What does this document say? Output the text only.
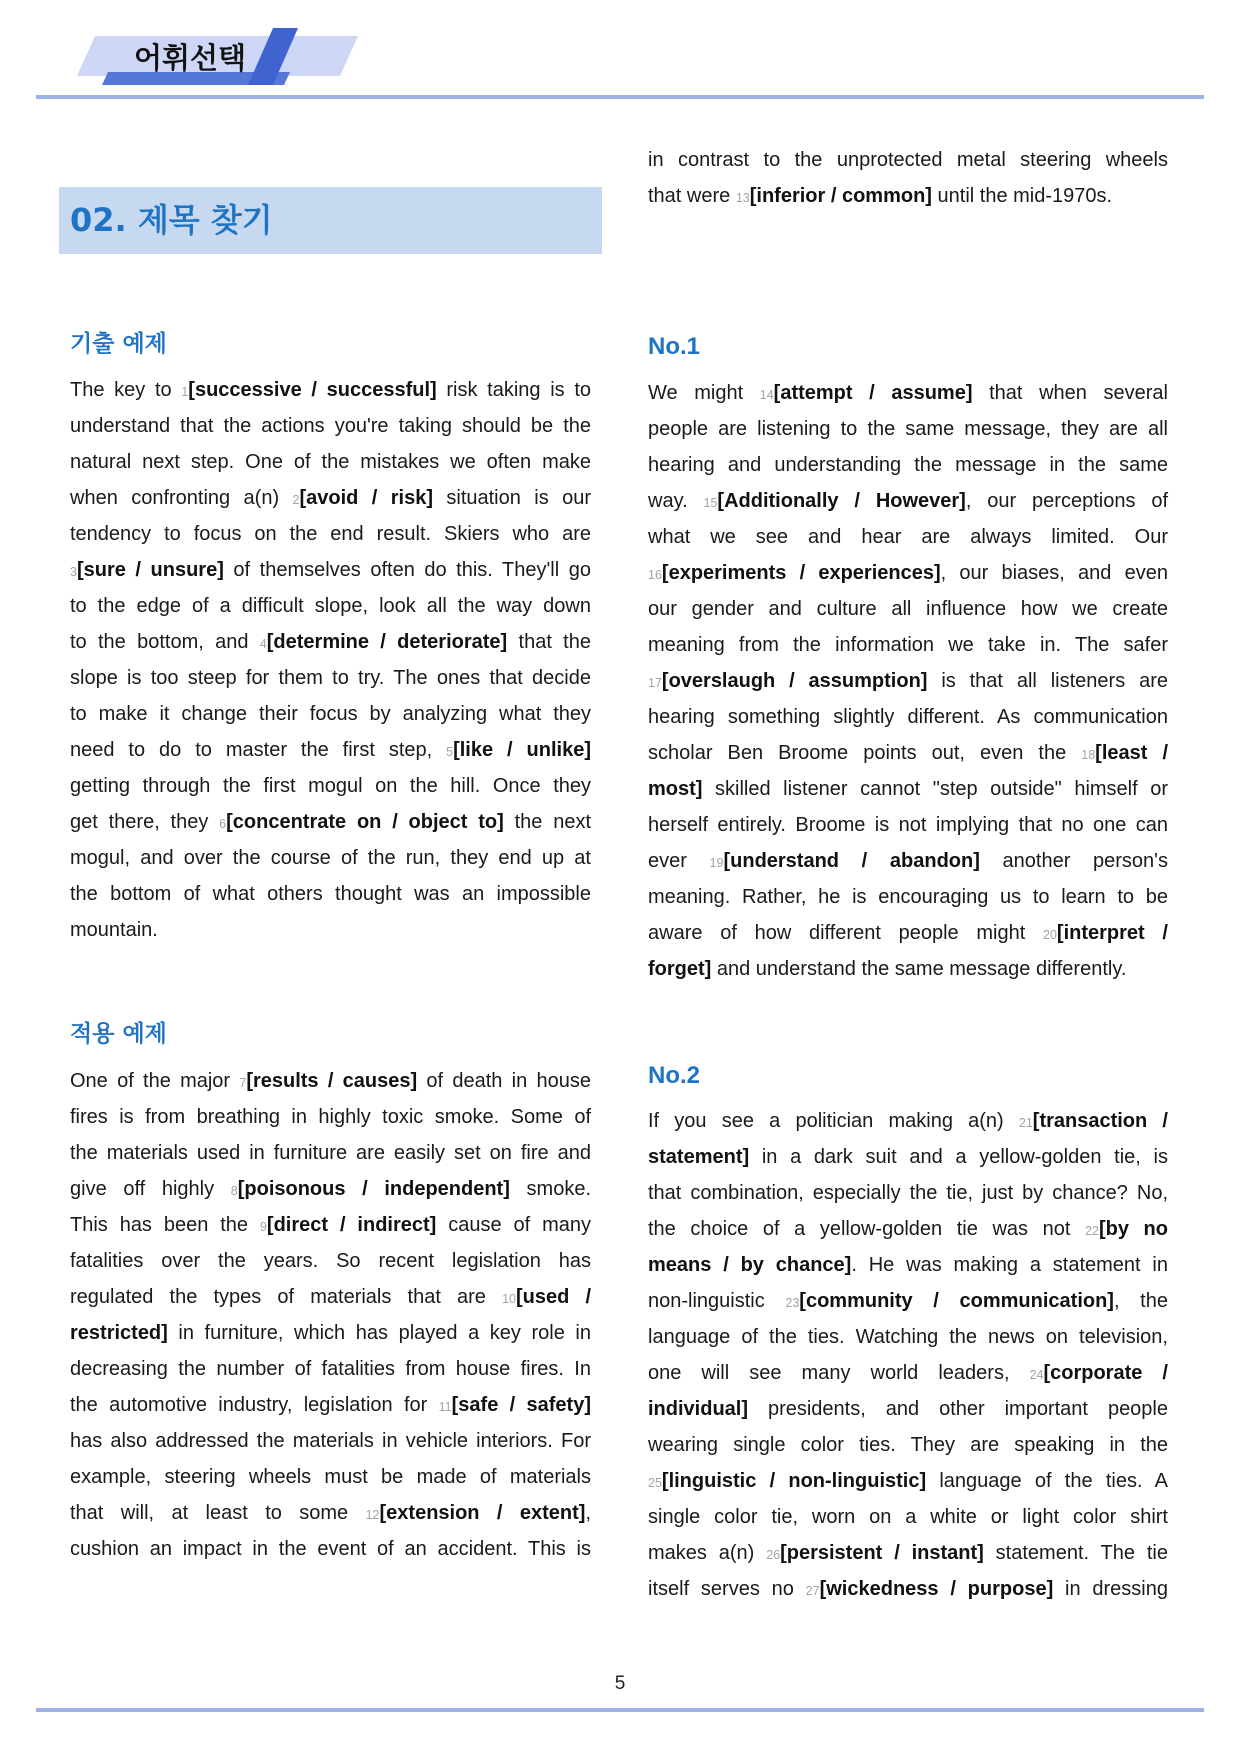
어휘선택
02. 제목 찾기
기출 예제
The key to 1[successive / successful] risk taking is to
understand that the actions you're taking should be the
natural next step. One of the mistakes we often make
when confronting a(n) 2[avoid / risk] situation is our
tendency to focus on the end result. Skiers who are
3[sure / unsure] of themselves often do this. They'll go
to the edge of a difficult slope, look all the way down
to the bottom, and 4[determine / deteriorate] that the
slope is too steep for them to try. The ones that decide
to make it change their focus by analyzing what they
need to do to master the first step, 5[like / unlike]
getting through the first mogul on the hill. Once they
get there, they 6[concentrate on / object to] the next
mogul, and over the course of the run, they end up at
the bottom of what others thought was an impossible
mountain.
적용 예제
One of the major 7[results / causes] of death in house
fires is from breathing in highly toxic smoke. Some of
the materials used in furniture are easily set on fire and
give off highly 8[poisonous / independent] smoke.
This has been the 9[direct / indirect] cause of many
fatalities over the years. So recent legislation has
regulated the types of materials that are 10[used /
restricted] in furniture, which has played a key role in
decreasing the number of fatalities from house fires. In
the automotive industry, legislation for 11[safe / safety]
has also addressed the materials in vehicle interiors. For
example, steering wheels must be made of materials
that will, at least to some 12[extension / extent],
cushion an impact in the event of an accident. This is
in contrast to the unprotected metal steering wheels
that were 13[inferior / common] until the mid-1970s.
No.1
We might 14[attempt / assume] that when several
people are listening to the same message, they are all
hearing and understanding the message in the same
way. 15[Additionally / However], our perceptions of
what we see and hear are always limited. Our
16[experiments / experiences], our biases, and even
our gender and culture all influence how we create
meaning from the information we take in. The safer
17[overslaugh / assumption] is that all listeners are
hearing something slightly different. As communication
scholar Ben Broome points out, even the 18[least /
most] skilled listener cannot "step outside" himself or
herself entirely. Broome is not implying that no one can
ever 19[understand / abandon] another person's
meaning. Rather, he is encouraging us to learn to be
aware of how different people might 20[interpret /
forget] and understand the same message differently.
No.2
If you see a politician making a(n) 21[transaction /
statement] in a dark suit and a yellow-golden tie, is
that combination, especially the tie, just by chance? No,
the choice of a yellow-golden tie was not 22[by no
means / by chance]. He was making a statement in
non-linguistic 23[community / communication], the
language of the ties. Watching the news on television,
one will see many world leaders, 24[corporate /
individual] presidents, and other important people
wearing single color ties. They are speaking in the
25[linguistic / non-linguistic] language of the ties. A
single color tie, worn on a white or light color shirt
makes a(n) 26[persistent / instant] statement. The tie
itself serves no 27[wickedness / purpose] in dressing
5
